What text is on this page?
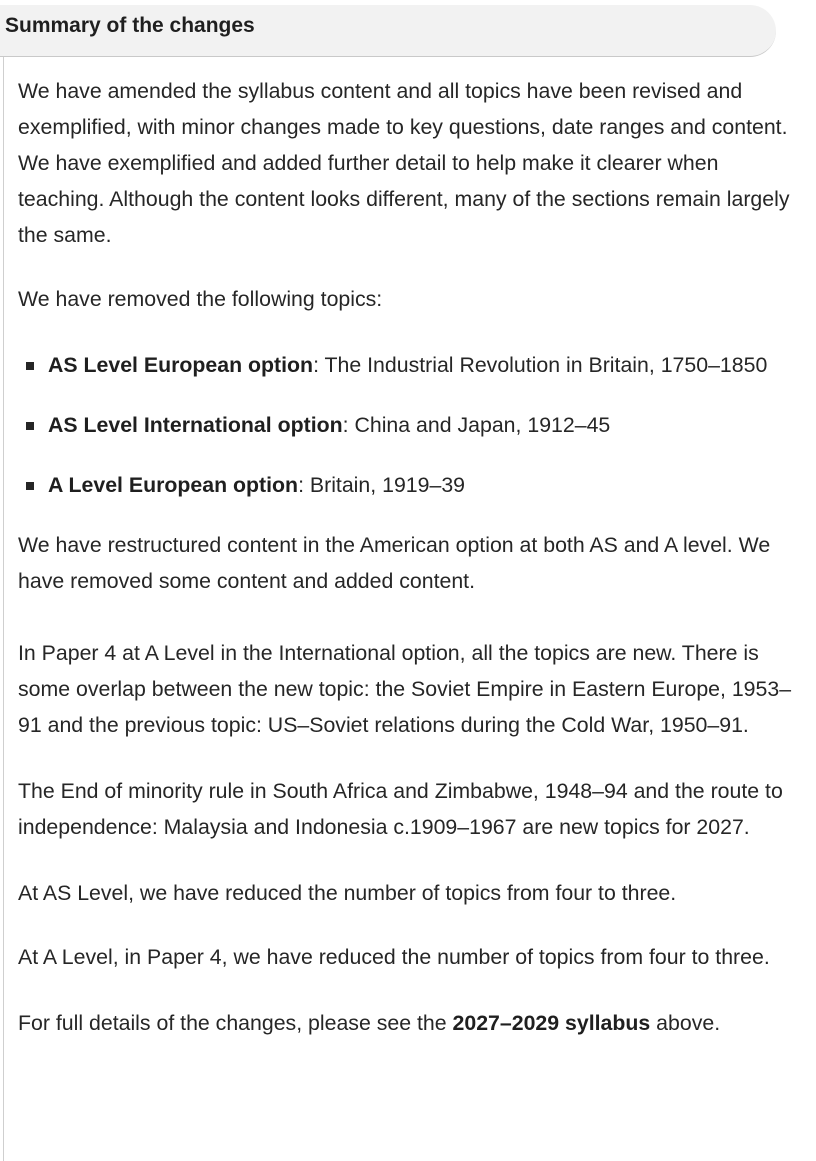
Summary of the changes

We have amended the syllabus content and all topics have been revised and exemplified, with minor changes made to key questions, date ranges and content. We have exemplified and added further detail to help make it clearer when teaching. Although the content looks different, many of the sections remain largely the same.

We have removed the following topics:

AS Level European option: The Industrial Revolution in Britain, 1750–1850
AS Level International option: China and Japan, 1912–45
A Level European option: Britain, 1919–39

We have restructured content in the American option at both AS and A level. We have removed some content and added content.

In Paper 4 at A Level in the International option, all the topics are new. There is some overlap between the new topic: the Soviet Empire in Eastern Europe, 1953–91 and the previous topic: US–Soviet relations during the Cold War, 1950–91.

The End of minority rule in South Africa and Zimbabwe, 1948–94 and the route to independence: Malaysia and Indonesia c.1909–1967 are new topics for 2027.

At AS Level, we have reduced the number of topics from four to three.

At A Level, in Paper 4, we have reduced the number of topics from four to three.

For full details of the changes, please see the 2027–2029 syllabus above.
